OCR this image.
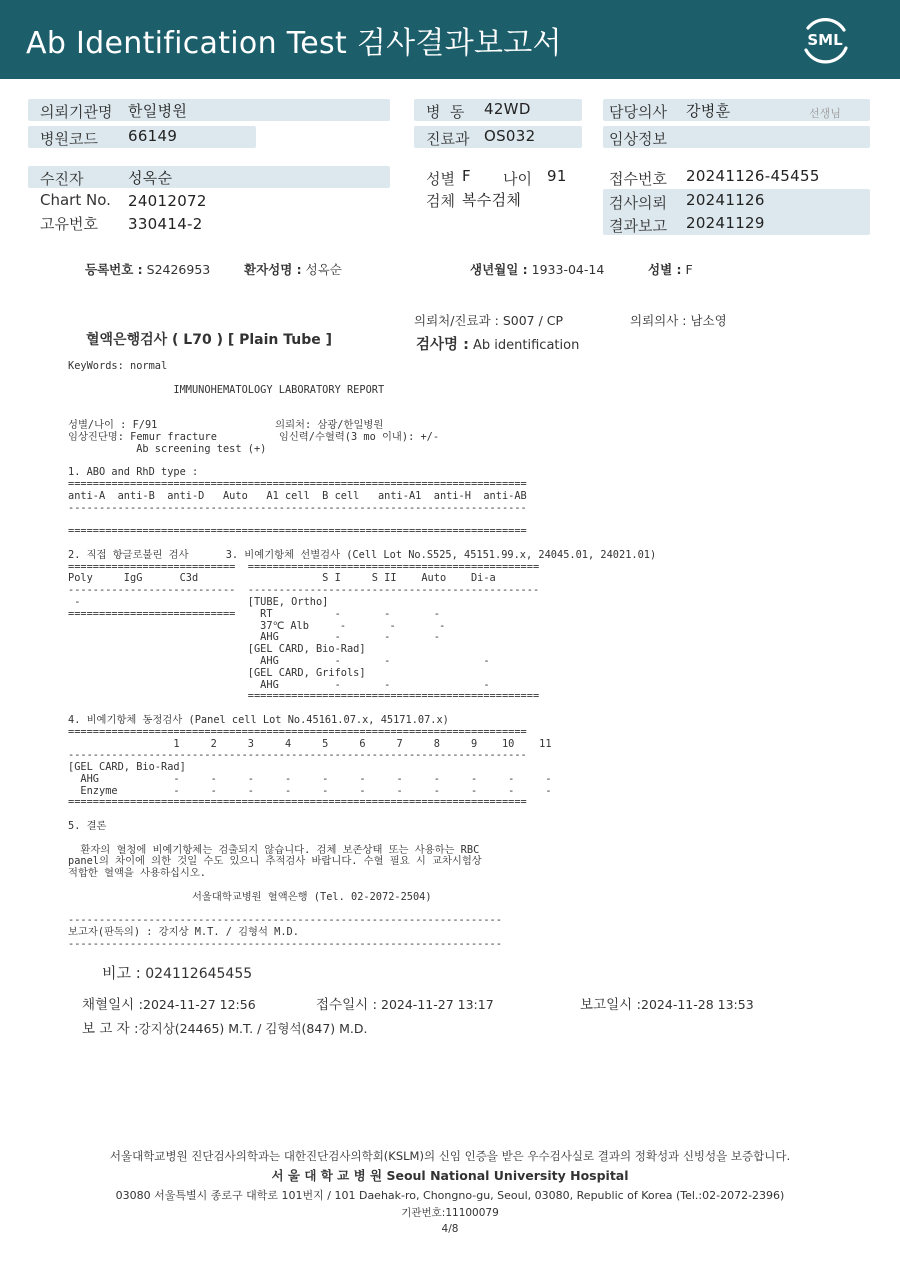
Ab Identification Test 검사결과보고서	SML
의뢰기관명 한일병원
병원코드 66149
병  동 42WD
진료과 OS032
담당의사 강병훈	선생님
임상정보
수진자	성옥순
Chart No. 24012072
고유번호 330414-2
성별 F 나이 91
검체 복수검체
접수번호 20241126-45455
검사의뢰 20241126
결과보고 20241129
등록번호 : S2426953	환자성명 : 성옥순	생년월일 : 1933-04-14	성별 : F
의뢰처/진료과 : S007 / CP	의뢰의사 : 남소영
혈액은행검사 ( L70 ) [ Plain Tube ]	검사명 : Ab identification
KeyWords: normal

IMMUNOHEMATOLOGY LABORATORY REPORT

성별/나이 : F/91                   의뢰처: 삼광/한일병원
임상진단명: Femur fracture          임신력/수혈력(3 mo 이내): +/-
Ab screening test (+)

1. ABO and RhD type :
==========================================================================
anti-A  anti-B  anti-D   Auto   A1 cell  B cell   anti-A1  anti-H  anti-AB
--------------------------------------------------------------------------

==========================================================================

2. 직접 항글로불린 검사      3. 비예기항체 선별검사 (Cell Lot No.S525, 45151.99.x, 24045.01, 24021.01)
===========================  ===============================================
Poly     IgG      C3d                    S I     S II    Auto    Di-a
---------------------------  -----------------------------------------------
-                           [TUBE, Ortho]
===========================    RT          -       -       -
37℃ Alb     -       -       -
AHG         -       -       -
[GEL CARD, Bio-Rad]
AHG         -       -               -
[GEL CARD, Grifols]
AHG         -       -               -
===============================================

4. 비예기항체 동정검사 (Panel cell Lot No.45161.07.x, 45171.07.x)
==========================================================================
1     2     3     4     5     6     7     8     9    10    11
--------------------------------------------------------------------------
[GEL CARD, Bio-Rad]
AHG            -     -     -     -     -     -     -     -     -     -     -
Enzyme         -     -     -     -     -     -     -     -     -     -     -
==========================================================================

5. 결론

환자의 혈청에 비예기항체는 검출되지 않습니다. 검체 보존상태 또는 사용하는 RBC
panel의 차이에 의한 것일 수도 있으니 추적검사 바랍니다. 수혈 필요 시 교차시험상
적합한 혈액을 사용하십시오.

서울대학교병원 혈액은행 (Tel. 02-2072-2504)

----------------------------------------------------------------------
보고자(판독의) : 강지상 M.T. / 김형석 M.D.
----------------------------------------------------------------------
비고 : 024112645455
채혈일시 :2024-11-27 12:56	접수일시 : 2024-11-27 13:17	보고일시 :2024-11-28 13:53
보 고 자 :강지상(24465) M.T. / 김형석(847) M.D.
서울대학교병원 진단검사의학과는 대한진단검사의학회(KSLM)의 신임 인증을 받은 우수검사실로 결과의 정확성과 신빙성을 보증합니다.
서 울 대 학 교 병 원 Seoul National University Hospital
03080 서울특별시 종로구 대학로 101번지 / 101 Daehak-ro, Chongno-gu, Seoul, 03080, Republic of Korea (Tel.:02-2072-2396)
기관번호:11100079
4/8
